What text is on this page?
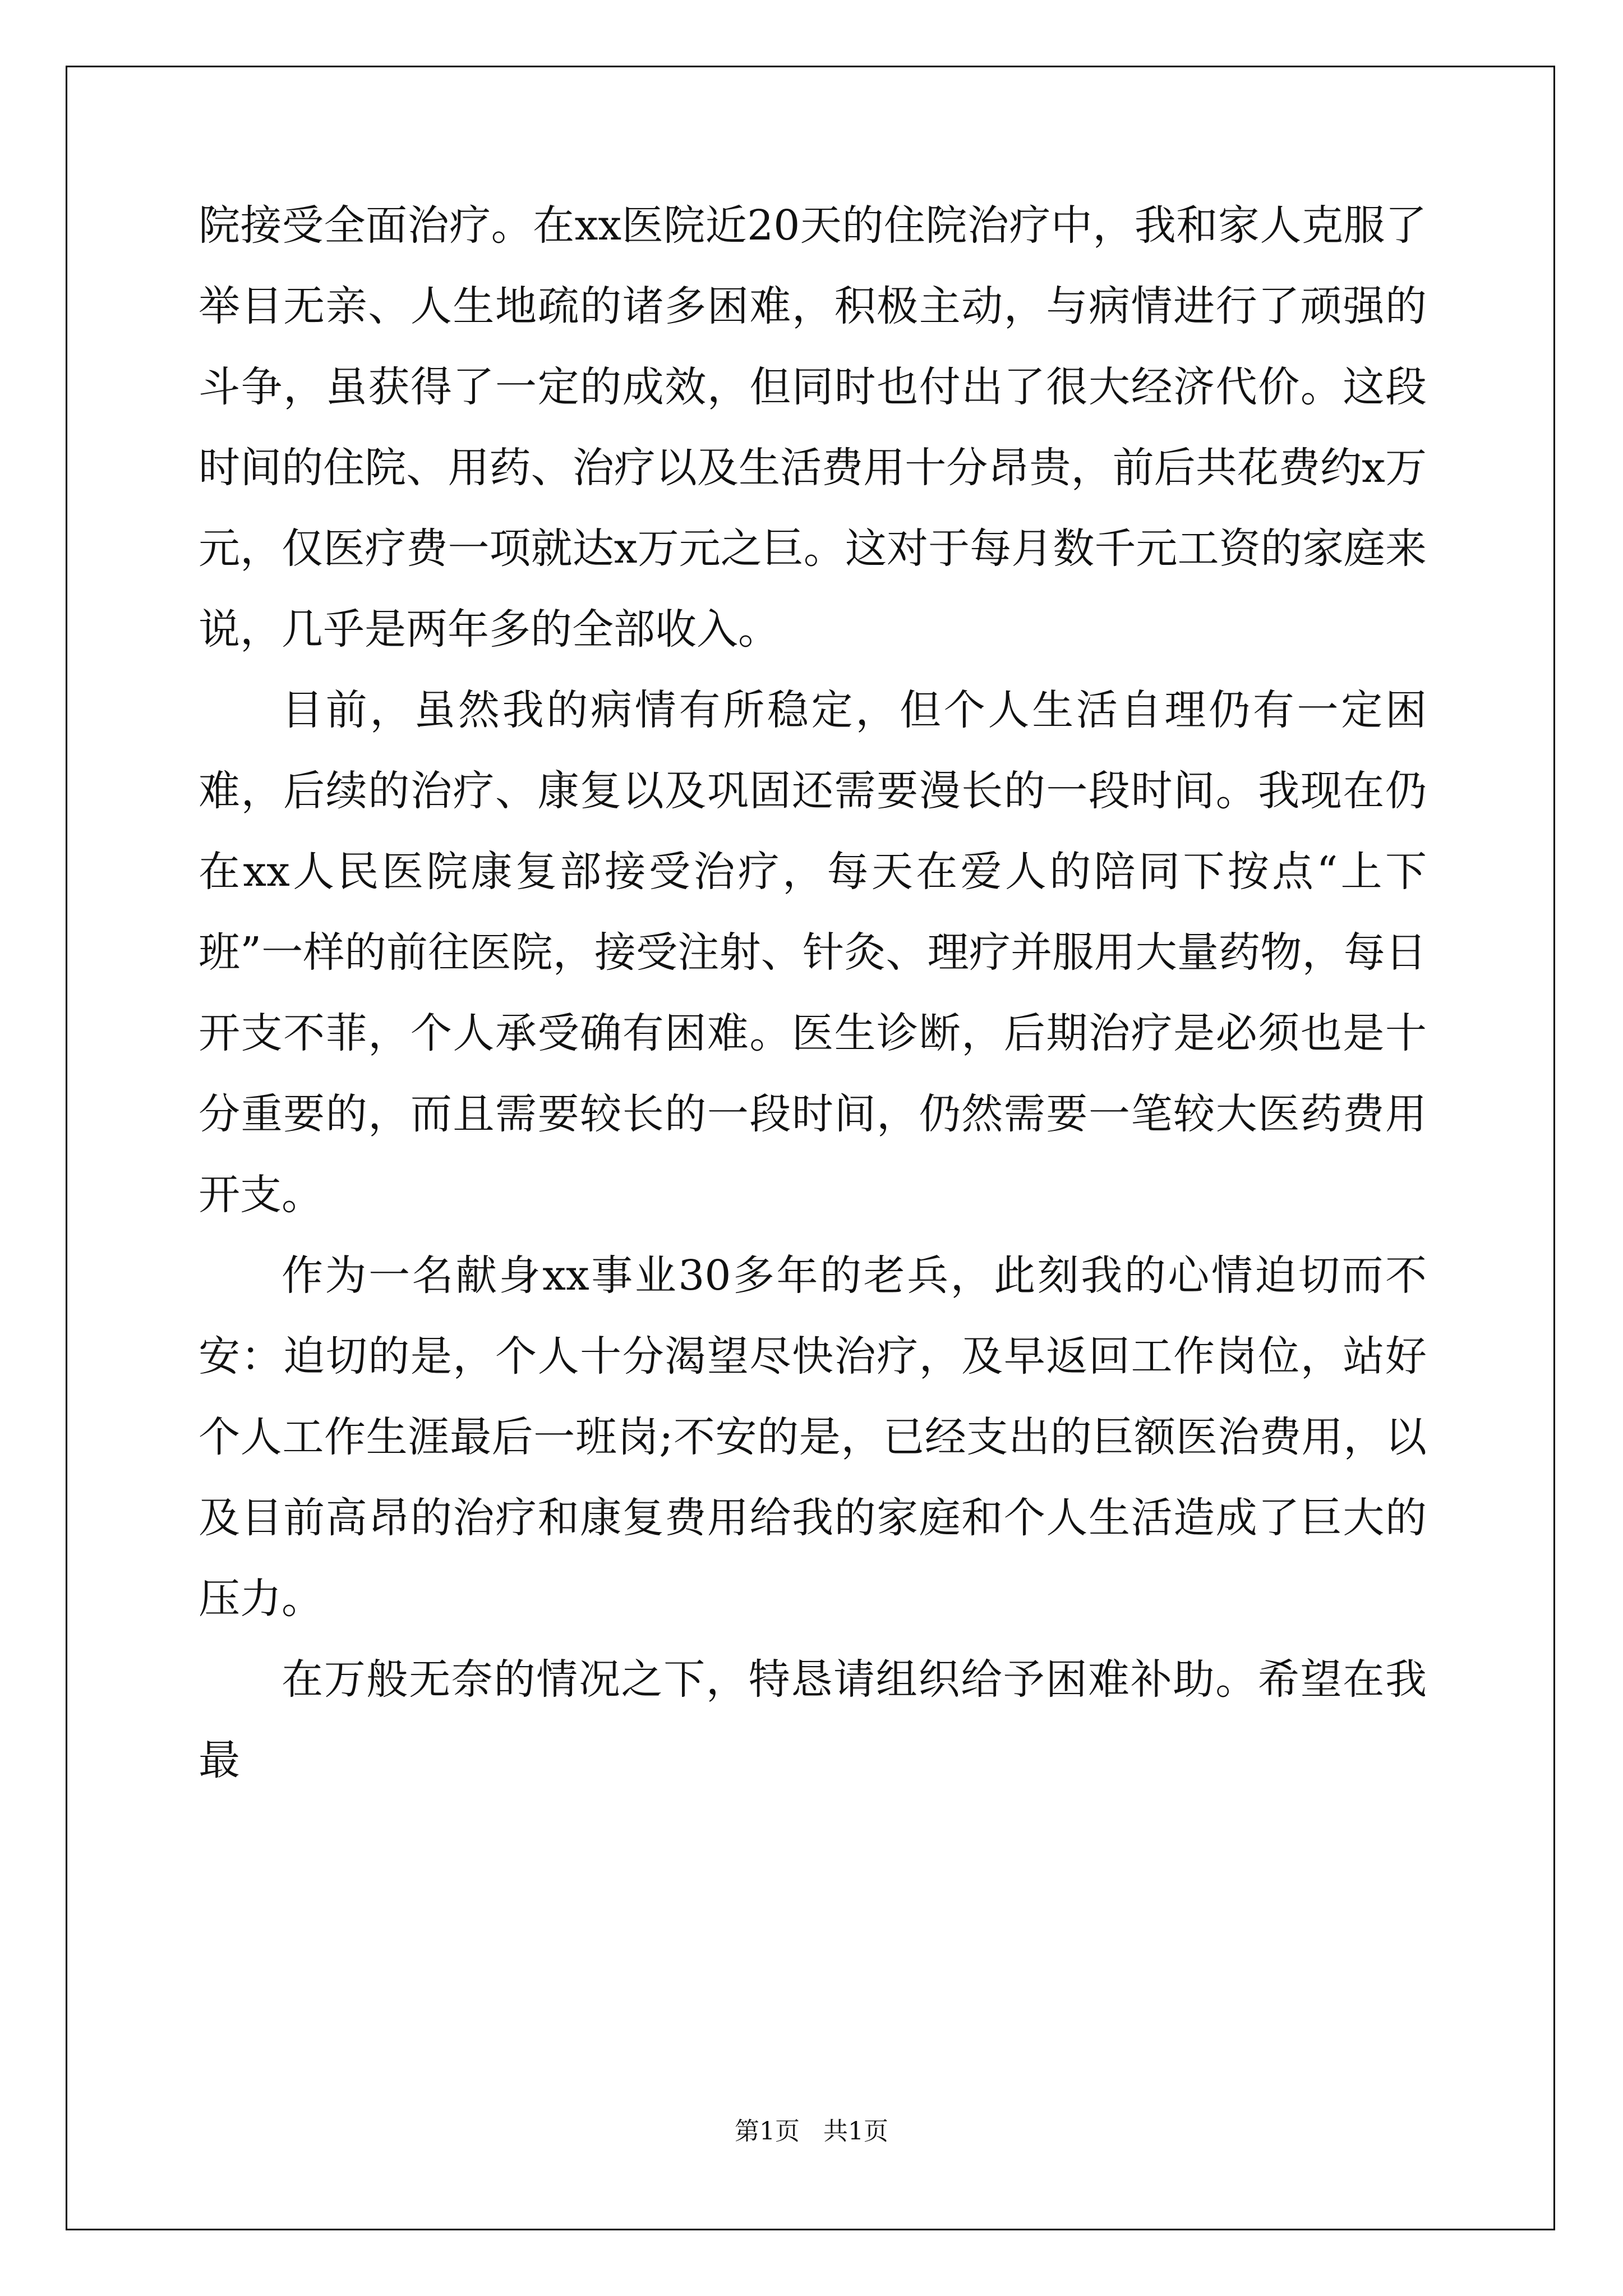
院接受全面治疗。在xx医院近20天的住院治疗中，我和家人克服了举目无亲、人生地疏的诸多困难，积极主动，与病情进行了顽强的斗争，虽获得了一定的成效，但同时也付出了很大经济代价。这段时间的住院、用药、治疗以及生活费用十分昂贵，前后共花费约x万元，仅医疗费一项就达x万元之巨。这对于每月数千元工资的家庭来说，几乎是两年多的全部收入。

目前，虽然我的病情有所稳定，但个人生活自理仍有一定困难，后续的治疗、康复以及巩固还需要漫长的一段时间。我现在仍在xx人民医院康复部接受治疗，每天在爱人的陪同下按点“上下班”一样的前往医院，接受注射、针灸、理疗并服用大量药物，每日开支不菲，个人承受确有困难。医生诊断，后期治疗是必须也是十分重要的，而且需要较长的一段时间，仍然需要一笔较大医药费用开支。

作为一名献身xx事业30多年的老兵，此刻我的心情迫切而不安：迫切的是，个人十分渴望尽快治疗，及早返回工作岗位，站好个人工作生涯最后一班岗;不安的是，已经支出的巨额医治费用，以及目前高昂的治疗和康复费用给我的家庭和个人生活造成了巨大的压力。

在万般无奈的情况之下，特恳请组织给予困难补助。希望在我最

第1页 共1页
